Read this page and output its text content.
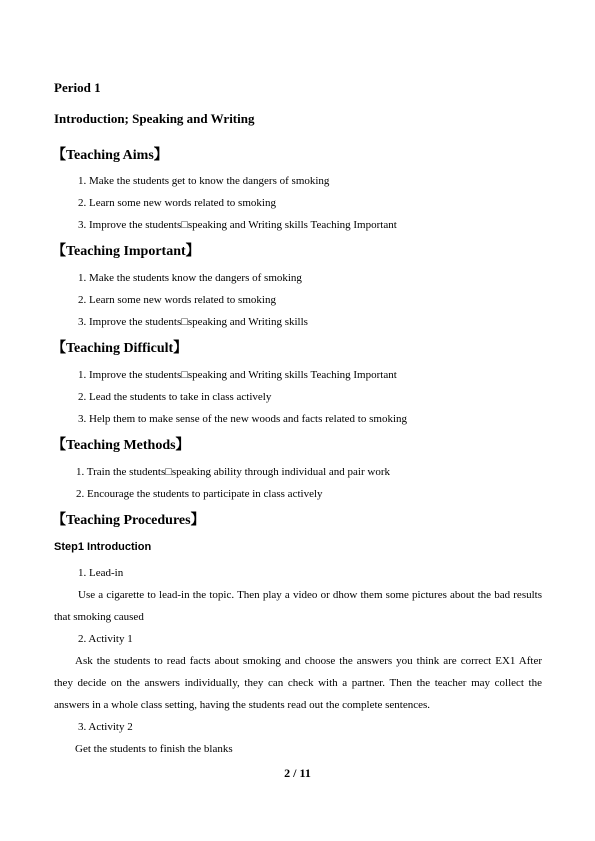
Period 1

Introduction; Speaking and Writing

【Teaching Aims】

1. Make the students get to know the dangers of smoking

2. Learn some new words related to smoking

3. Improve the students□speaking and Writing skills Teaching Important

【Teaching Important】

1. Make the students know the dangers of smoking

2. Learn some new words related to smoking

3. Improve the students□speaking and Writing skills

【Teaching Difficult】

1. Improve the students□speaking and Writing skills Teaching Important

2. Lead the students to take in class actively

3. Help them to make sense of the new woods and facts related to smoking

【Teaching Methods】

1. Train the students□speaking ability through individual and pair work

2. Encourage the students to participate in class actively

【Teaching Procedures】

Step1 Introduction

1. Lead-in

Use a cigarette to lead-in the topic. Then play a video or dhow them some pictures about the bad results that smoking caused

2. Activity 1

Ask the students to read facts about smoking and choose the answers you think are correct EX1 After they decide on the answers individually, they can check with a partner. Then the teacher may collect the answers in a whole class setting, having the students read out the complete sentences.

3. Activity 2

Get the students to finish the blanks

2 / 11
